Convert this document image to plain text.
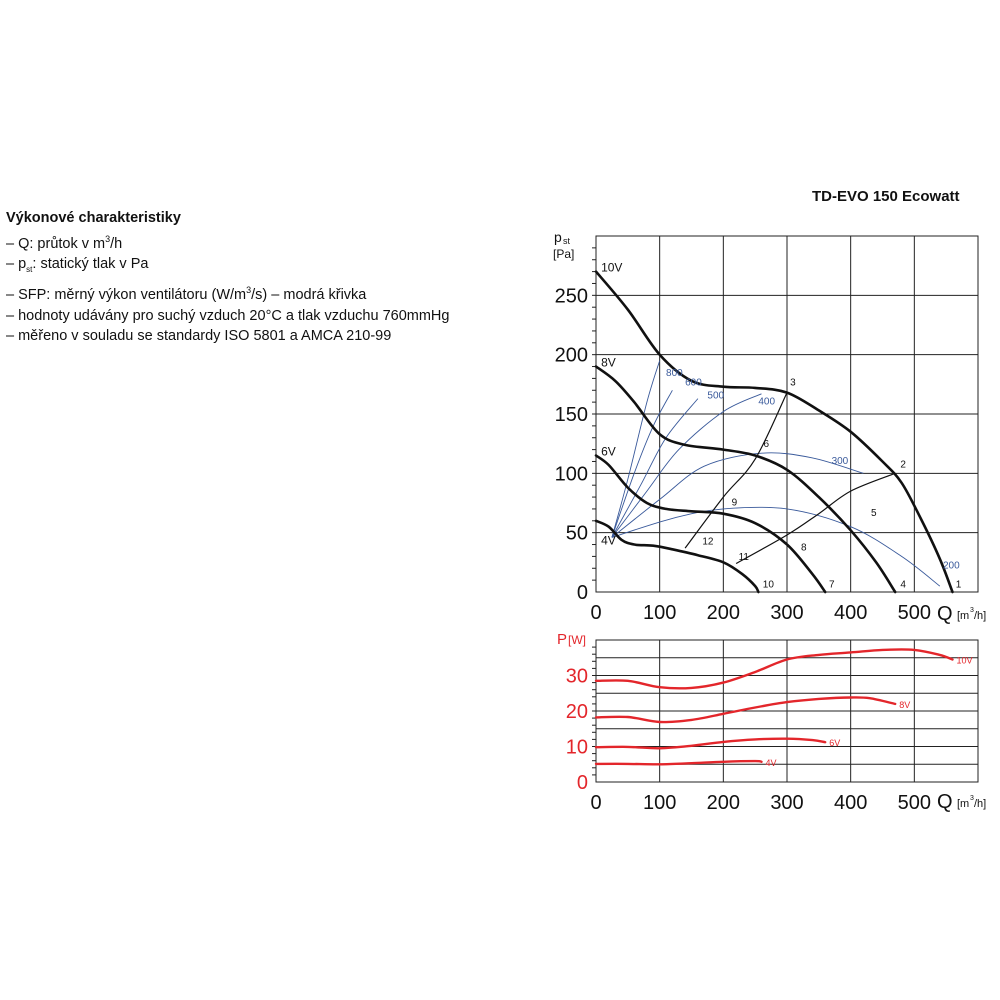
TD-EVO 150 Ecowatt
Výkonové charakteristiky
– Q: průtok v $m^3/h$
– $p_{st}$: statický tlak v Pa
– SFP: měrný výkon ventilátoru $(W/m^3/s)$ – modrá křivka
– hodnoty udávány pro suchý vzduch 20°C a tlak vzduchu 760mmHg
– měřeno v souladu se standardy ISO 5801 a AMCA 210-99
0
50
100
150
200
250
0 100 200 300 400 500
p st
[Pa]
Q [m 3 /h]
10V
8V
6V
4V
800
600
500
400
300
200
1
2
3
4
5
6
7
8
9
10
11
12
0
10
20
30
0 100 200 300 400 500
P [W]
Q [m 3 /h]
10V
8V
6V
4V
